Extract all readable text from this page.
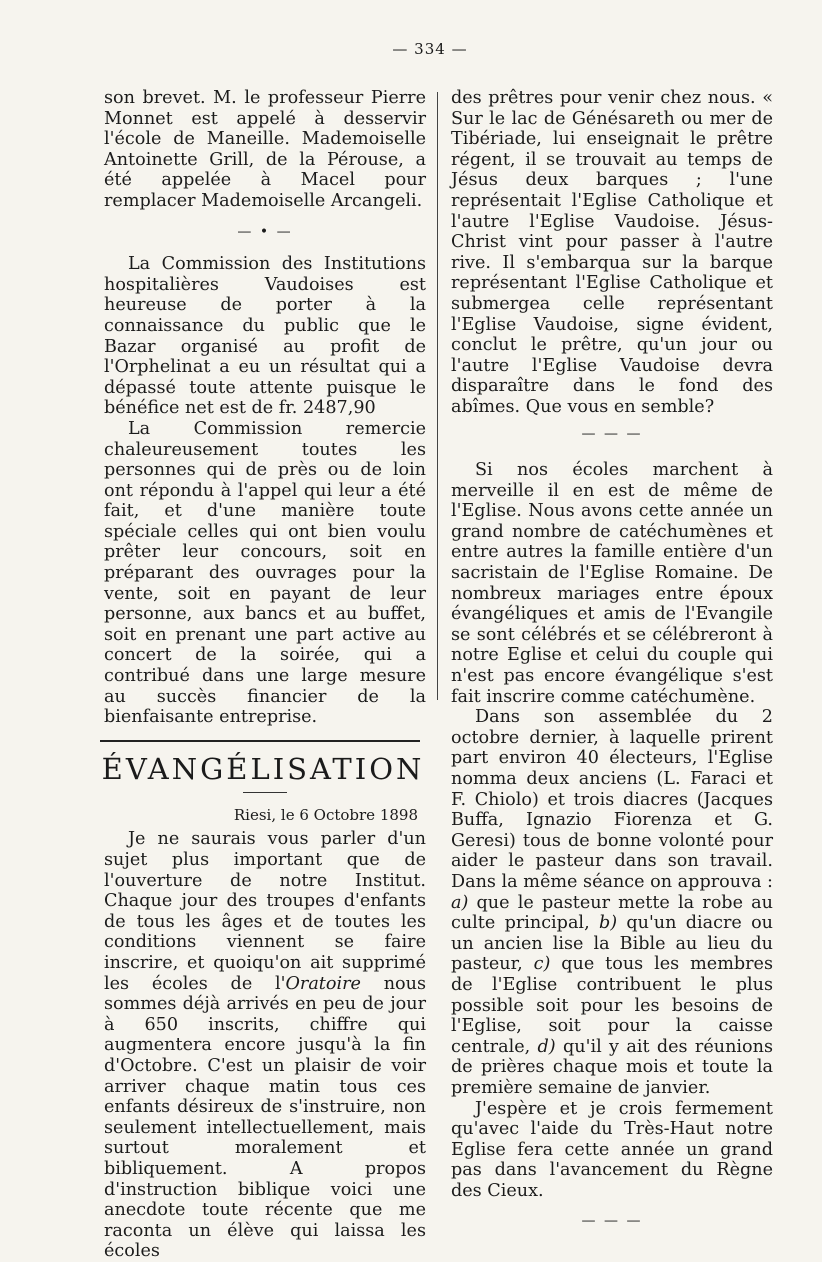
— 334 —

son brevet. M. le professeur Pierre Monnet est appelé à desservir l'école de Maneille. Mademoiselle Antoinette Grill, de la Pérouse, a été appelée à Macel pour remplacer Mademoiselle Arcangeli.

— • —

La Commission des Institutions hospitalières Vaudoises est heureuse de porter à la connaissance du public que le Bazar organisé au profit de l'Orphelinat a eu un résultat qui a dépassé toute attente puisque le bénéfice net est de fr. 2487,90

La Commission remercie chaleureusement toutes les personnes qui de près ou de loin ont répondu à l'appel qui leur a été fait, et d'une manière toute spéciale celles qui ont bien voulu prêter leur concours, soit en préparant des ouvrages pour la vente, soit en payant de leur personne, aux bancs et au buffet, soit en prenant une part active au concert de la soirée, qui a contribué dans une large mesure au succès financier de la bienfaisante entreprise.

ÉVANGÉLISATION
Riesi, le 6 Octobre 1898

Je ne saurais vous parler d'un sujet plus important que de l'ouverture de notre Institut. Chaque jour des troupes d'enfants de tous les âges et de toutes les conditions viennent se faire inscrire, et quoiqu'on ait supprimé les écoles de l'Oratoire nous sommes déjà arrivés en peu de jour à 650 inscrits, chiffre qui augmentera encore jusqu'à la fin d'Octobre. C'est un plaisir de voir arriver chaque matin tous ces enfants désireux de s'instruire, non seulement intellectuellement, mais surtout moralement et bibliquement. A propos d'instruction biblique voici une anecdote toute récente que me raconta un élève qui laissa les écoles

des prêtres pour venir chez nous. « Sur le lac de Génésareth ou mer de Tibériade, lui enseignait le prêtre régent, il se trouvait au temps de Jésus deux barques ; l'une représentait l'Eglise Catholique et l'autre l'Eglise Vaudoise. Jésus-Christ vint pour passer à l'autre rive. Il s'embarqua sur la barque représentant l'Eglise Catholique et submergea celle représentant l'Eglise Vaudoise, signe évident, conclut le prêtre, qu'un jour ou l'autre l'Eglise Vaudoise devra disparaître dans le fond des abîmes. Que vous en semble?

— — —

Si nos écoles marchent à merveille il en est de même de l'Eglise. Nous avons cette année un grand nombre de catéchumènes et entre autres la famille entière d'un sacristain de l'Eglise Romaine. De nombreux mariages entre époux évangéliques et amis de l'Evangile se sont célébrés et se célébreront à notre Eglise et celui du couple qui n'est pas encore évangélique s'est fait inscrire comme catéchumène.

Dans son assemblée du 2 octobre dernier, à laquelle prirent part environ 40 électeurs, l'Eglise nomma deux anciens (L. Faraci et F. Chiolo) et trois diacres (Jacques Buffa, Ignazio Fiorenza et G. Geresi) tous de bonne volonté pour aider le pasteur dans son travail. Dans la même séance on approuva : a) que le pasteur mette la robe au culte principal, b) qu'un diacre ou un ancien lise la Bible au lieu du pasteur, c) que tous les membres de l'Eglise contribuent le plus possible soit pour les besoins de l'Eglise, soit pour la caisse centrale, d) qu'il y ait des réunions de prières chaque mois et toute la première semaine de janvier.

J'espère et je crois fermement qu'avec l'aide du Très-Haut notre Eglise fera cette année un grand pas dans l'avancement du Règne des Cieux.

— — —
